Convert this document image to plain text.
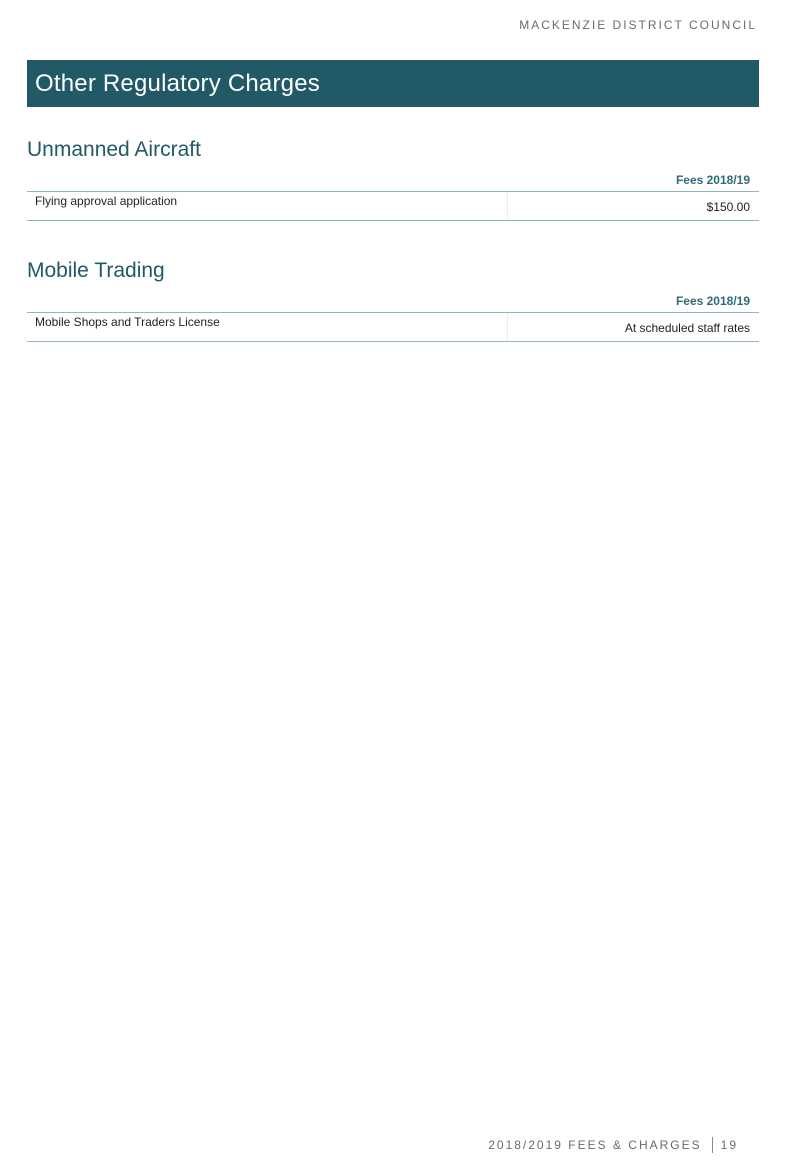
MACKENZIE DISTRICT COUNCIL
Other Regulatory Charges
Unmanned Aircraft
Fees 2018/19
Flying approval application	$150.00
Mobile Trading
Fees 2018/19
Mobile Shops and Traders License	At scheduled staff rates
2018/2019 FEES & CHARGES 19
